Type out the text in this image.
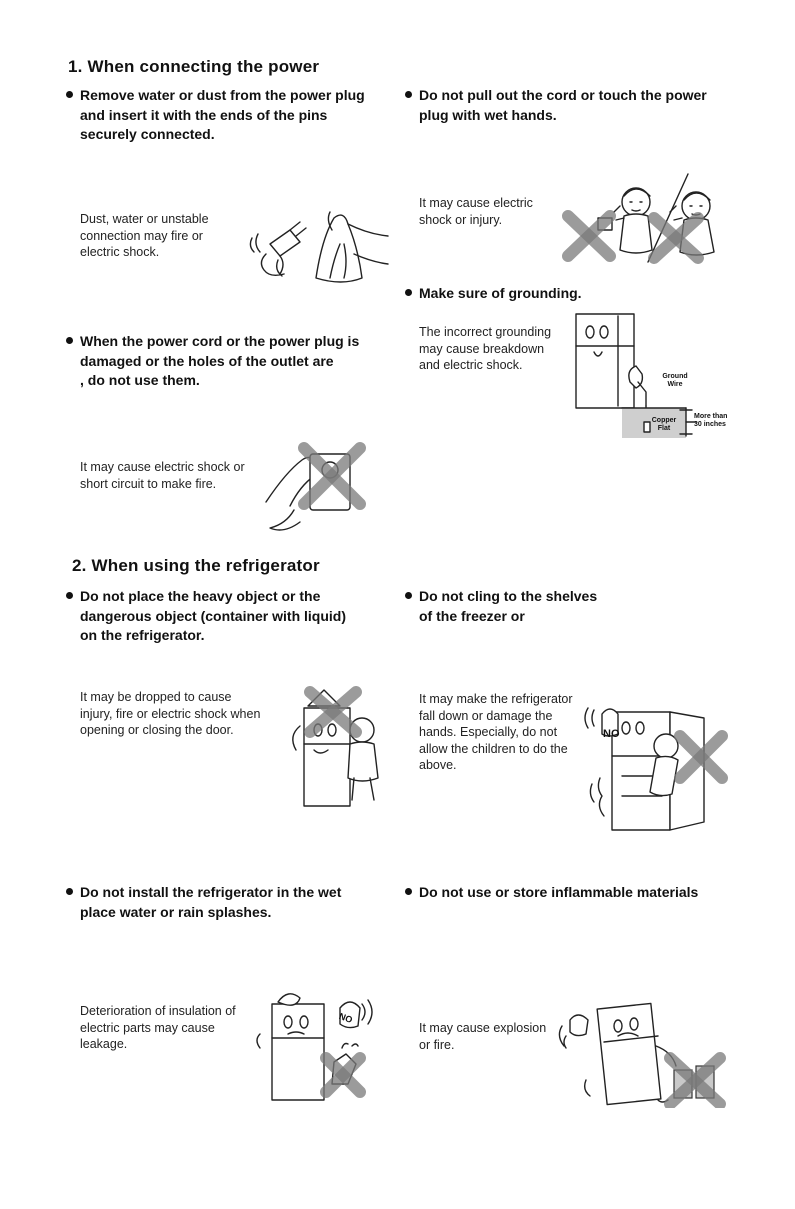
1. When connecting the power
Remove water or dust from the power plug
and insert it with the ends of the pins
securely connected.
Dust, water or unstable
connection may fire or
electric shock.
Do not pull out the cord or touch the power
plug with wet hands.
It may cause electric
shock or injury.
Make sure of grounding.
The incorrect grounding
may cause breakdown
and electric shock.
Ground
Wire
Copper
Flat
More than
30 inches
When the power cord or the power plug is
damaged or the holes of the outlet are
, do not use them.
It may cause electric shock or
short circuit to make fire.
2. When using the refrigerator
Do not place the heavy object or the
dangerous object (container with liquid)
on the refrigerator.
It may be dropped to cause
injury, fire or electric shock when
opening or closing the door.
Do not cling to the shelves
of the freezer or
It may make the refrigerator
fall down or damage the
hands. Especially, do not
allow the children to do the
above.
NO
Do not install the refrigerator in the wet
place water or rain splashes.
Deterioration of insulation of
electric parts may cause
leakage.
NO
Do not use or store inflammable materials
It may cause explosion
or fire.
